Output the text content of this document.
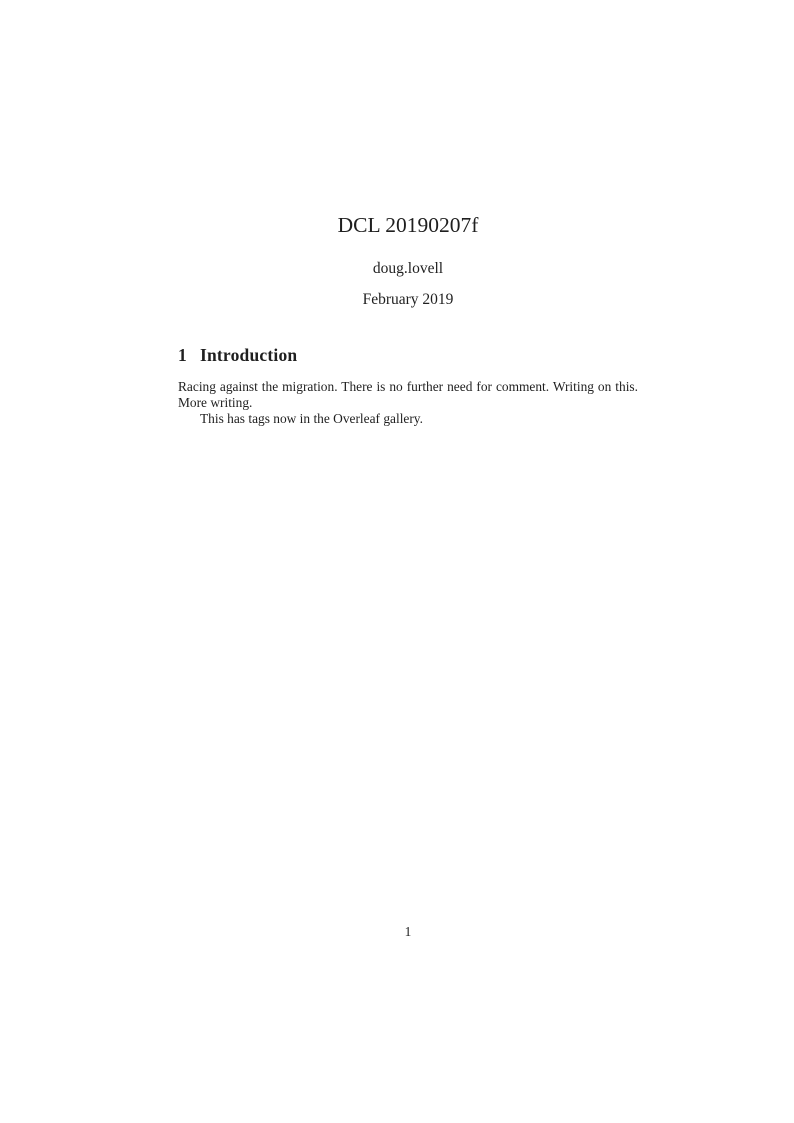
DCL 20190207f
doug.lovell
February 2019
1 Introduction

Racing against the migration. There is no further need for comment. Writing on this. More writing.

This has tags now in the Overleaf gallery.

1
